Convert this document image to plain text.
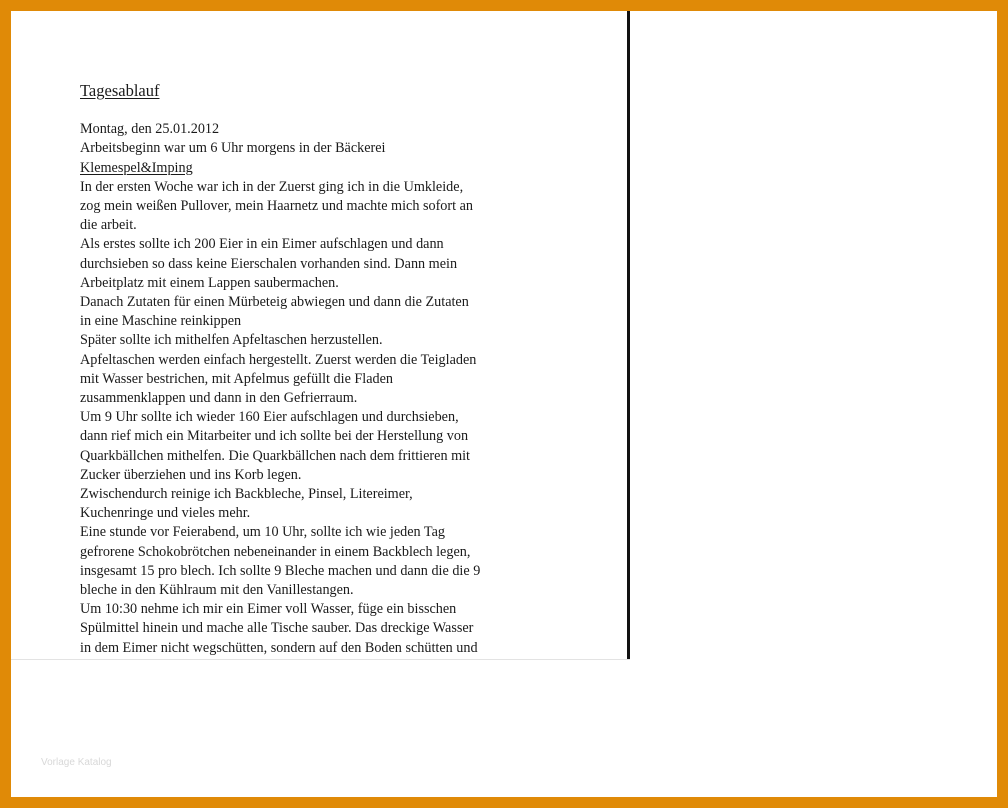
Tagesablauf
Montag, den 25.01.2012
Arbeitsbeginn war um 6 Uhr morgens in der Bäckerei
Klemespel&Imping
In der ersten Woche war ich in der Zuerst ging ich in die Umkleide,
zog mein weißen Pullover, mein Haarnetz und machte mich sofort an
die arbeit.
Als erstes sollte ich 200 Eier in ein Eimer aufschlagen und dann
durchsieben so dass keine Eierschalen vorhanden sind. Dann mein
Arbeitplatz mit einem Lappen saubermachen.
Danach Zutaten für einen Mürbeteig abwiegen und dann die Zutaten
in eine Maschine reinkippen
Später sollte ich mithelfen Apfeltaschen herzustellen.
Apfeltaschen werden einfach hergestellt. Zuerst werden die Teigladen
mit Wasser bestrichen, mit Apfelmus gefüllt die Fladen
zusammenklappen und dann in den Gefrierraum.
Um 9 Uhr sollte ich wieder 160 Eier aufschlagen und durchsieben,
dann rief mich ein Mitarbeiter und ich sollte bei der Herstellung von
Quarkbällchen mithelfen. Die Quarkbällchen nach dem frittieren mit
Zucker überziehen und ins Korb legen.
Zwischendurch reinige ich Backbleche, Pinsel, Litereimer,
Kuchenringe und vieles mehr.
Eine stunde vor Feierabend, um 10 Uhr, sollte ich wie jeden Tag
gefrorene Schokobrötchen nebeneinander in einem Backblech legen,
insgesamt 15 pro blech. Ich sollte 9 Bleche machen und dann die die 9
bleche in den Kühlraum mit den Vanillestangen.
Um 10:30 nehme ich mir ein Eimer voll Wasser, füge ein bisschen
Spülmittel hinein und mache alle Tische sauber. Das dreckige Wasser
in dem Eimer nicht wegschütten, sondern auf den Boden schütten und
Vorlage Katalog
